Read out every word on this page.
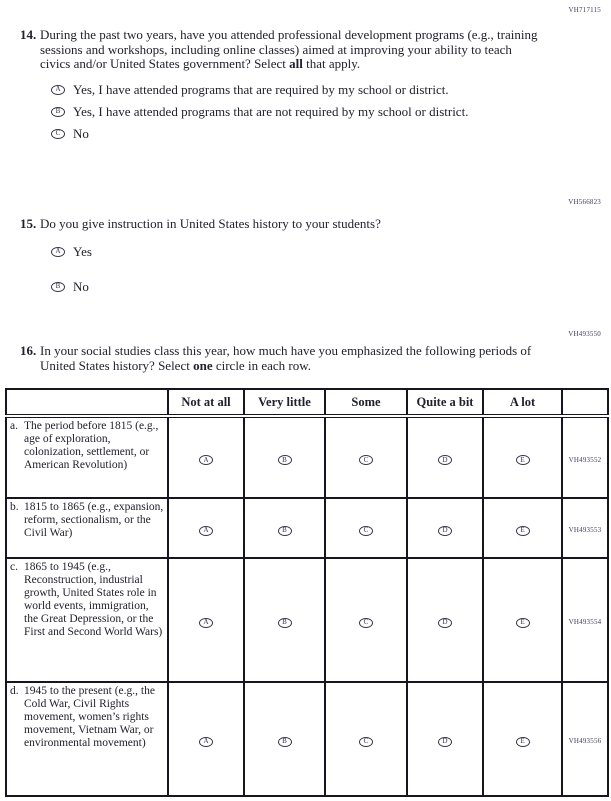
VH717115
14. During the past two years, have you attended professional development programs (e.g., training sessions and workshops, including online classes) aimed at improving your ability to teach civics and/or United States government? Select all that apply.

A Yes, I have attended programs that are required by my school or district.
B Yes, I have attended programs that are not required by my school or district.
C No
VH566823
15. Do you give instruction in United States history to your students?

A Yes
B No
VH493550
16. In your social studies class this year, how much have you emphasized the following periods of United States history? Select one circle in each row.

	Not at all	Very little	Some	Quite a bit	A lot	

a. The period before 1815 (e.g., age of exploration, colonization, settlement, or American Revolution)	A	B	C	D	E	VH493552

b. 1815 to 1865 (e.g., expansion, reform, sectionalism, or the Civil War)	A	B	C	D	E	VH493553

c. 1865 to 1945 (e.g., Reconstruction, industrial growth, United States role in world events, immigration, the Great Depression, or the First and Second World Wars)	A	B	C	D	E	VH493554

d. 1945 to the present (e.g., the Cold War, Civil Rights movement, women’s rights movement, Vietnam War, or environmental movement)	A	B	C	D	E	VH493556
